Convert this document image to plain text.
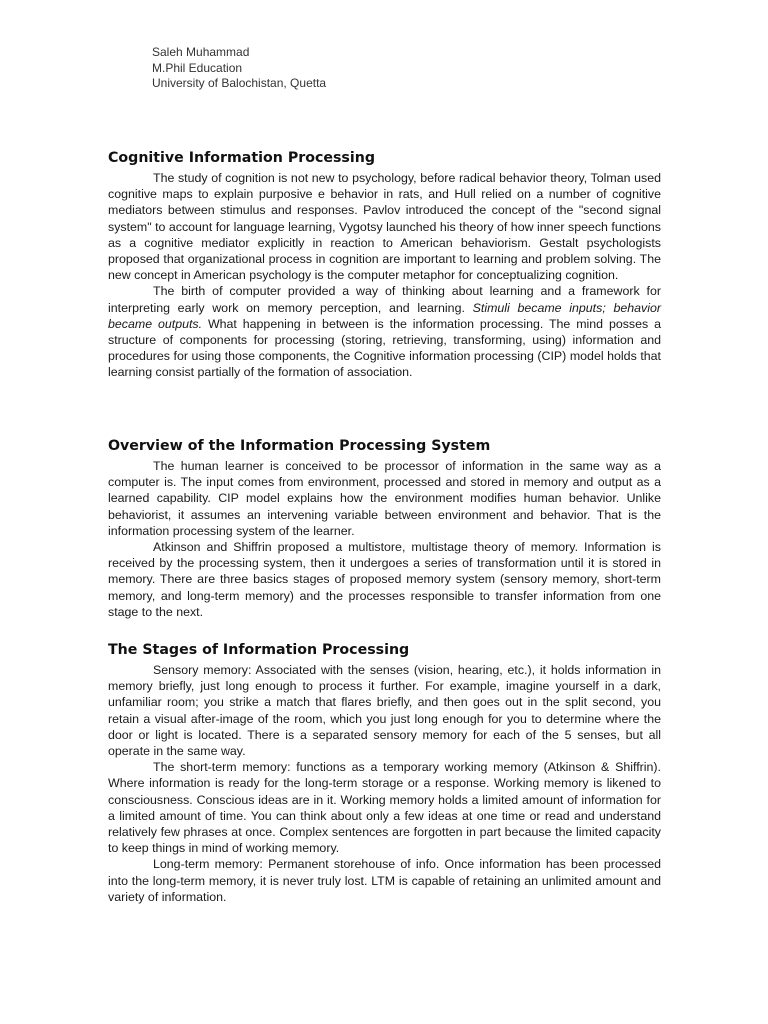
Saleh Muhammad
M.Phil Education
University of Balochistan, Quetta
Cognitive Information Processing

The study of cognition is not new to psychology, before radical behavior theory, Tolman used cognitive maps to explain purposive e behavior in rats, and Hull relied on a number of cognitive mediators between stimulus and responses. Pavlov introduced the concept of the "second signal system" to account for language learning, Vygotsy launched his theory of how inner speech functions as a cognitive mediator explicitly in reaction to American behaviorism. Gestalt psychologists proposed that organizational process in cognition are important to learning and problem solving. The new concept in American psychology is the computer metaphor for conceptualizing cognition.

The birth of computer provided a way of thinking about learning and a framework for interpreting early work on memory perception, and learning. Stimuli became inputs; behavior became outputs. What happening in between is the information processing. The mind posses a structure of components for processing (storing, retrieving, transforming, using) information and procedures for using those components, the Cognitive information processing (CIP) model holds that learning consist partially of the formation of association.

Overview of the Information Processing System

The human learner is conceived to be processor of information in the same way as a computer is. The input comes from environment, processed and stored in memory and output as a learned capability. CIP model explains how the environment modifies human behavior. Unlike behaviorist, it assumes an intervening variable between environment and behavior. That is the information processing system of the learner.

Atkinson and Shiffrin proposed a multistore, multistage theory of memory. Information is received by the processing system, then it undergoes a series of transformation until it is stored in memory. There are three basics stages of proposed memory system (sensory memory, short-term memory, and long-term memory) and the processes responsible to transfer information from one stage to the next.

The Stages of Information Processing

Sensory memory: Associated with the senses (vision, hearing, etc.), it holds information in memory briefly, just long enough to process it further. For example, imagine yourself in a dark, unfamiliar room; you strike a match that flares briefly, and then goes out in the split second, you retain a visual after-image of the room, which you just long enough for you to determine where the door or light is located. There is a separated sensory memory for each of the 5 senses, but all operate in the same way.

The short-term memory: functions as a temporary working memory (Atkinson & Shiffrin). Where information is ready for the long-term storage or a response. Working memory is likened to consciousness. Conscious ideas are in it. Working memory holds a limited amount of information for a limited amount of time. You can think about only a few ideas at one time or read and understand relatively few phrases at once. Complex sentences are forgotten in part because the limited capacity to keep things in mind of working memory.

Long-term memory: Permanent storehouse of info. Once information has been processed into the long-term memory, it is never truly lost. LTM is capable of retaining an unlimited amount and variety of information.
